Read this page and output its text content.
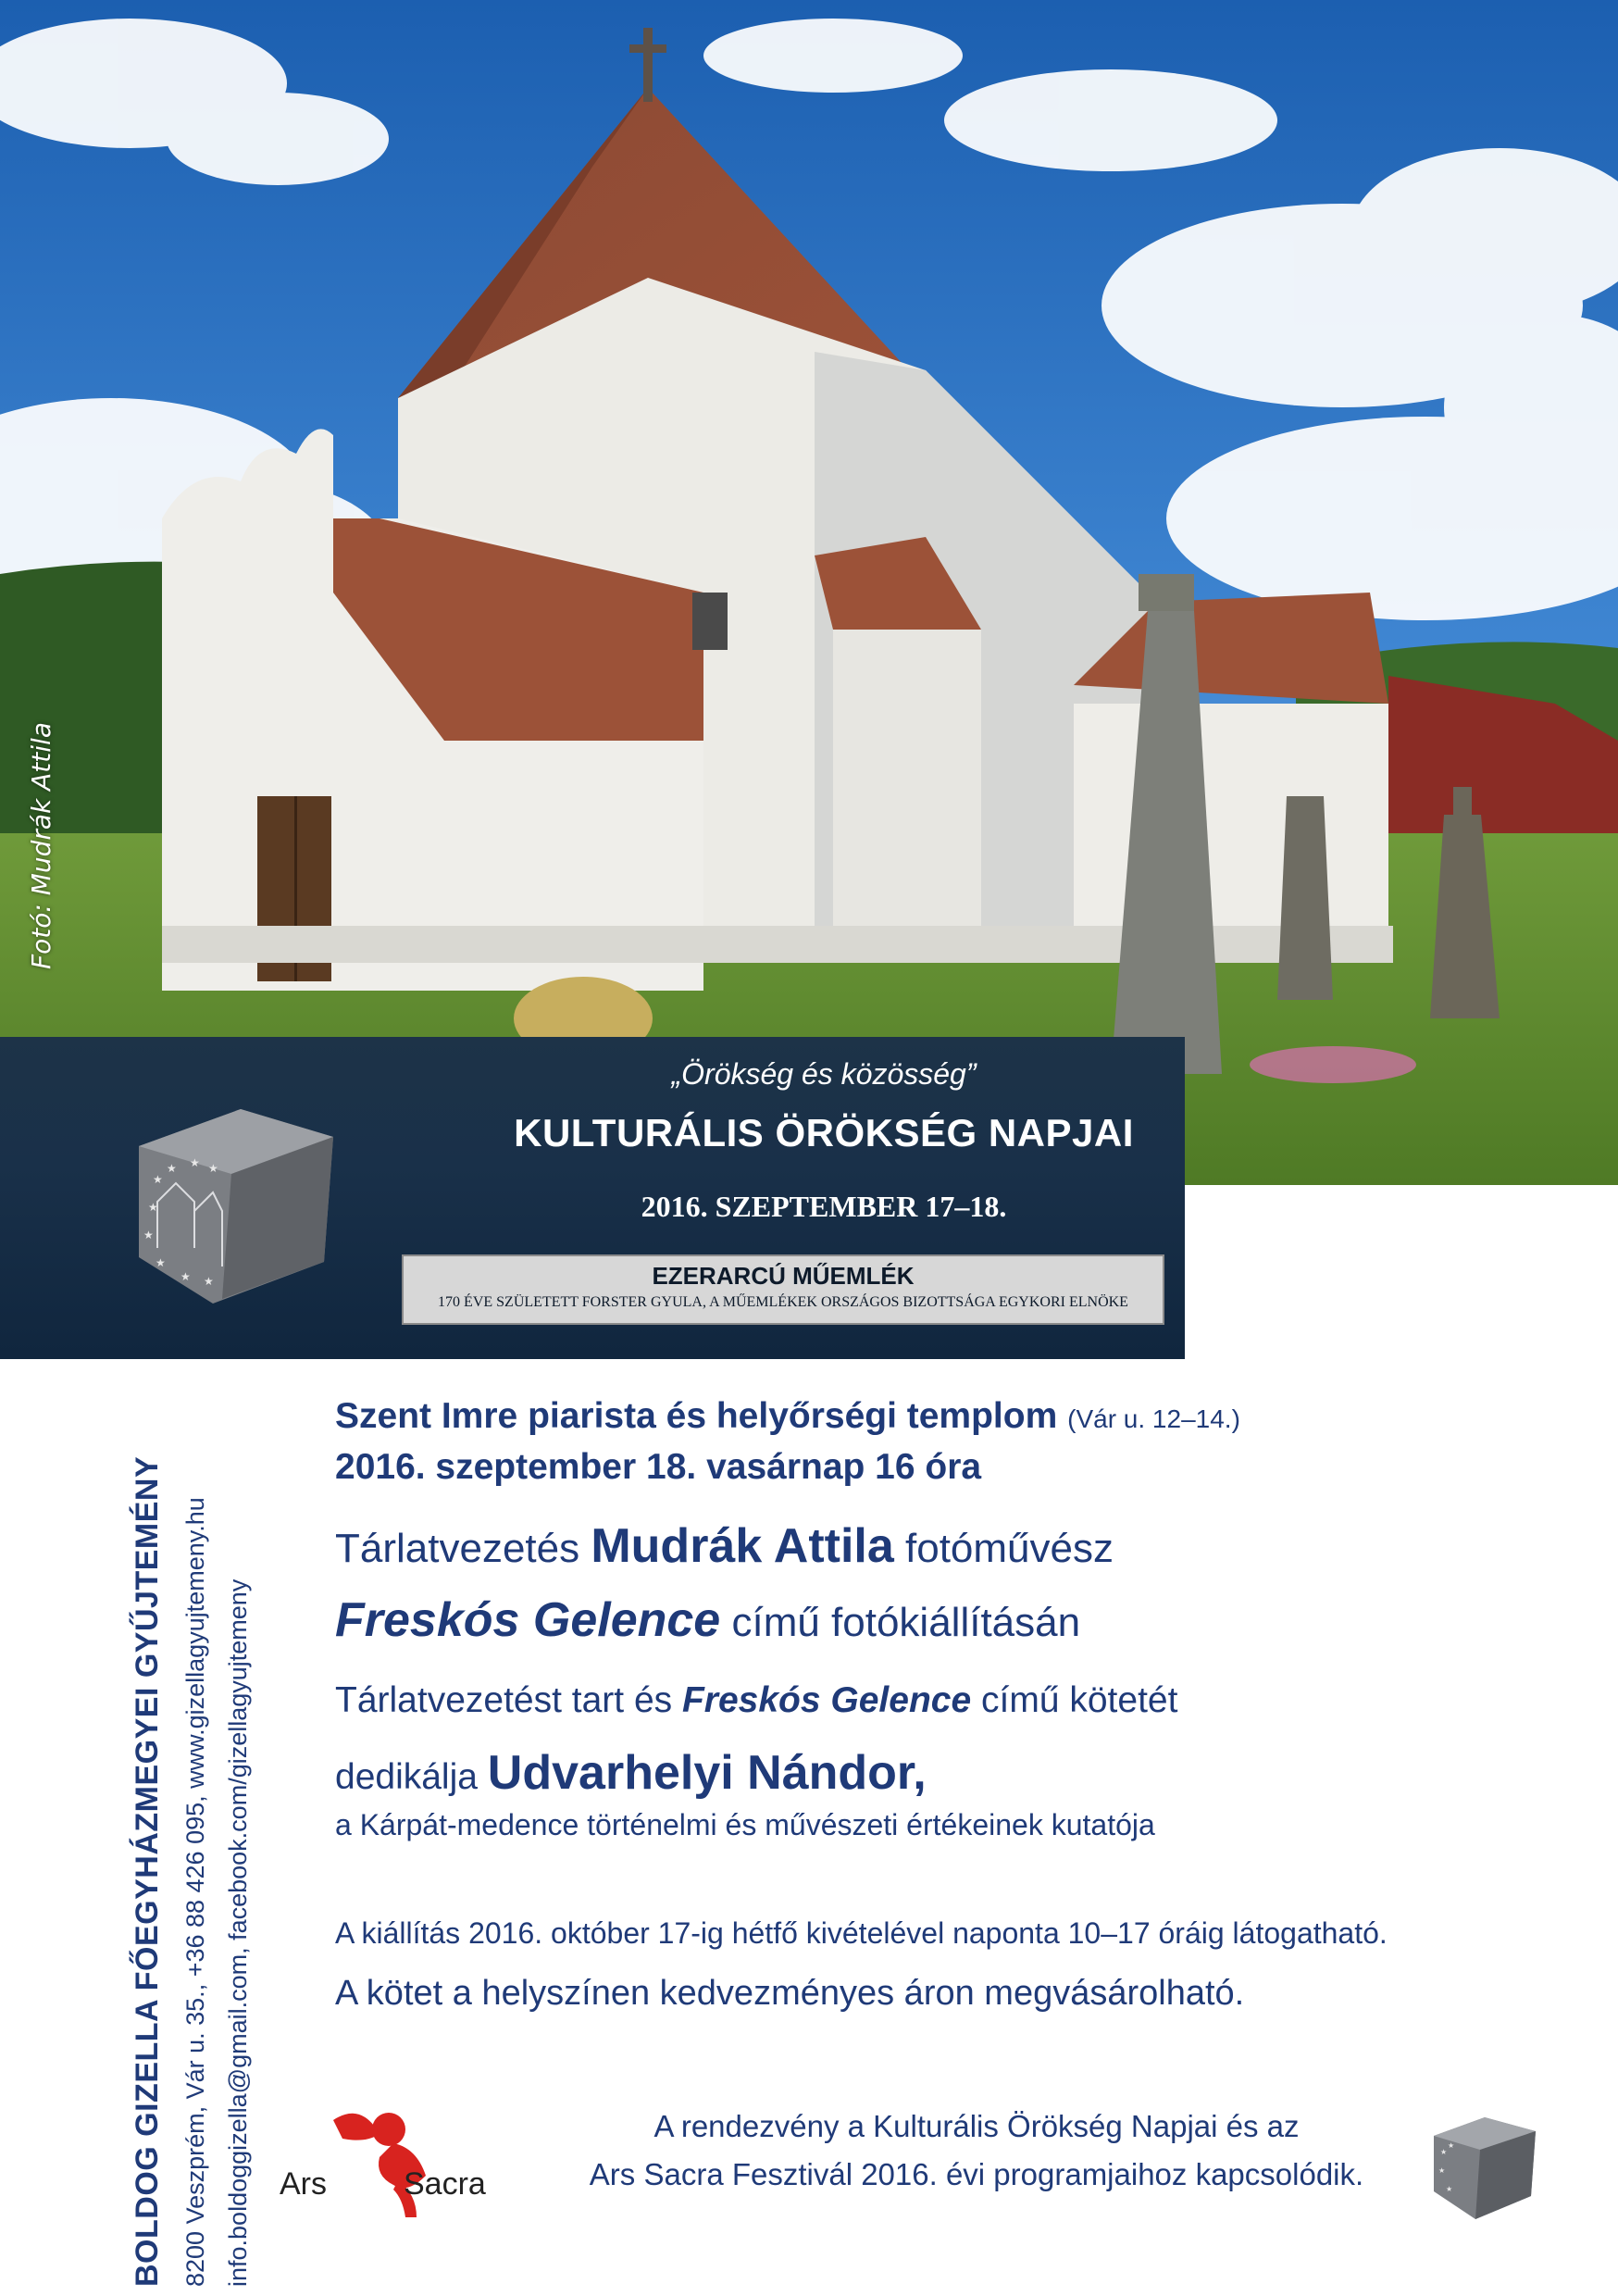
Fotó: Mudrák Attila
★
★ ★ ★
★
★
★
★ ★
„Örökség és közösség”
KULTURÁLIS ÖRÖKSÉG NAPJAI
2016. SZEPTEMBER 17–18.
EZERARCÚ MŰEMLÉK
170 ÉVE SZÜLETETT FORSTER GYULA, A MŰEMLÉKEK ORSZÁGOS BIZOTTSÁGA EGYKORI ELNÖKE
BOLDOG GIZELLA FŐEGYHÁZMEGYEI GYŰJTEMÉNY 8200 Veszprém, Vár u. 35., +36 88 426 095, www.gizellagyujtemeny.hu info.boldoggizella@gmail.com, facebook.com/gizellagyujtemeny
Szent Imre piarista és helyőrségi templom (Vár u. 12–14.)
2016. szeptember 18. vasárnap 16 óra
Tárlatvezetés Mudrák Attila fotóművész
Freskós Gelence című fotókiállításán
Tárlatvezetést tart és Freskós Gelence című kötetét
dedikálja Udvarhelyi Nándor,
a Kárpát-medence történelmi és művészeti értékeinek kutatója
A kiállítás 2016. október 17-ig hétfő kivételével naponta 10–17 óráig látogatható.
A kötet a helyszínen kedvezményes áron megvásárolható.
Ars Sacra
A rendezvény a Kulturális Örökség Napjai és az
Ars Sacra Fesztivál 2016. évi programjaihoz kapcsolódik.
★
★
★
★
